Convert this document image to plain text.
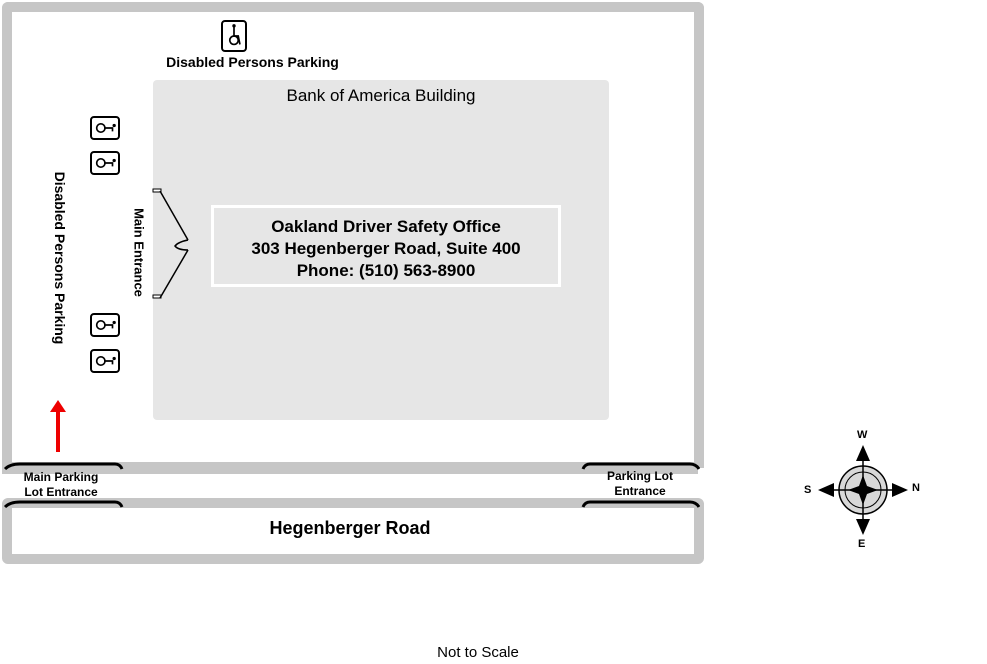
Hegenberger Road
Main Parking
Lot Entrance
Parking Lot
Entrance
Bank of America Building
Oakland Driver Safety Office
303 Hegenberger Road, Suite 400
Phone: (510) 563-8900
Main Entrance
Disabled Persons Parking
Disabled Persons Parking
W
S	N
E
Not to Scale
